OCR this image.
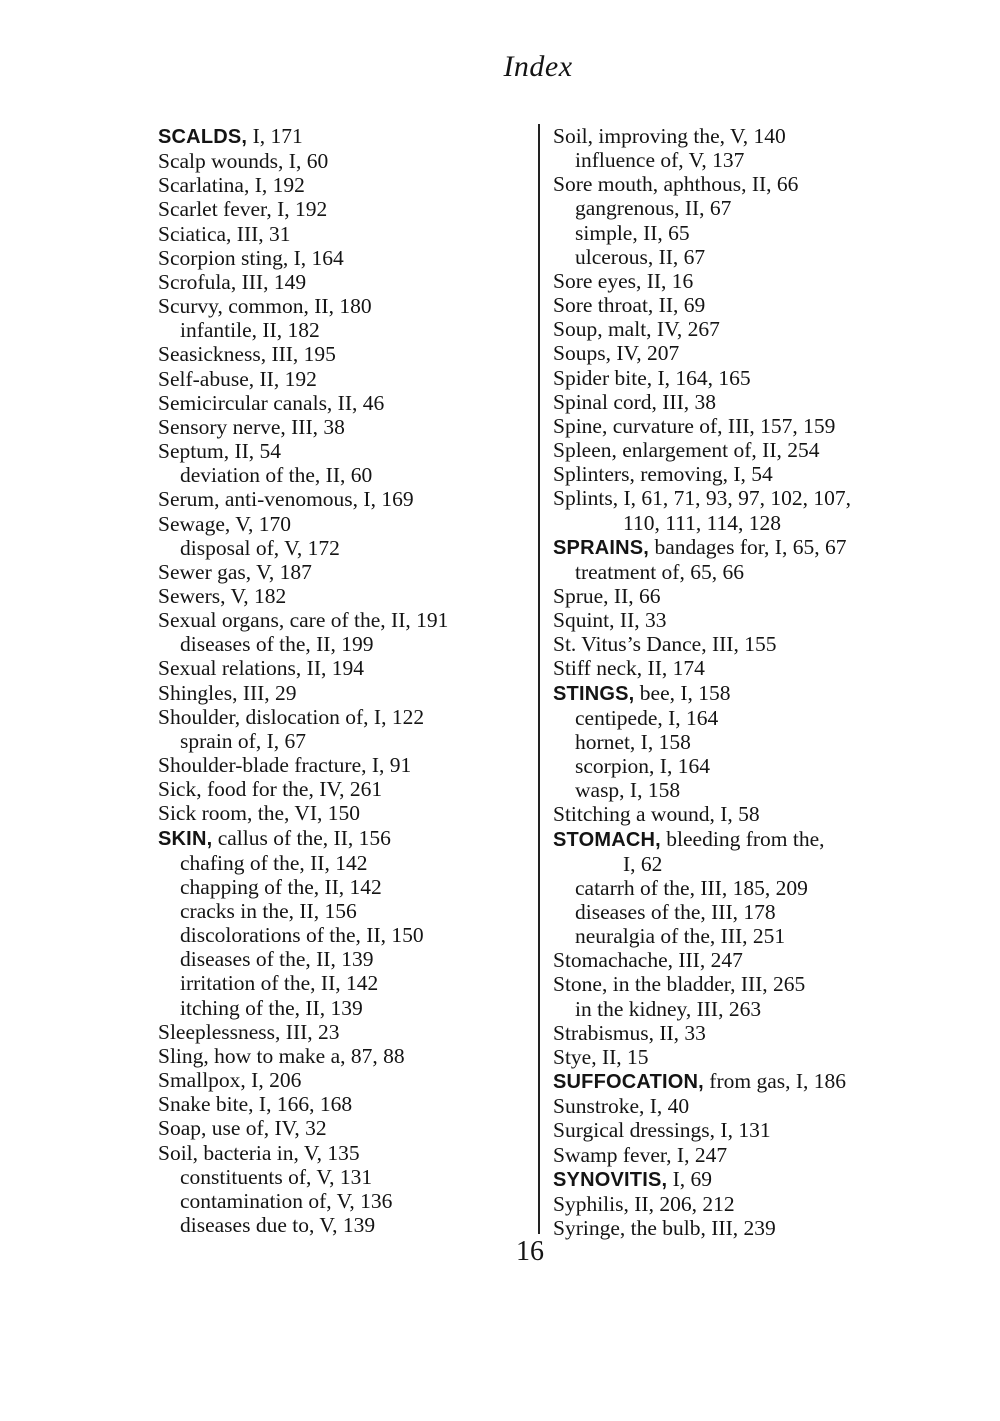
Index
SCALDS, I, 171
Scalp wounds, I, 60
Scarlatina, I, 192
Scarlet fever, I, 192
Sciatica, III, 31
Scorpion sting, I, 164
Scrofula, III, 149
Scurvy, common, II, 180
infantile, II, 182
Seasickness, III, 195
Self-abuse, II, 192
Semicircular canals, II, 46
Sensory nerve, III, 38
Septum, II, 54
deviation of the, II, 60
Serum, anti-venomous, I, 169
Sewage, V, 170
disposal of, V, 172
Sewer gas, V, 187
Sewers, V, 182
Sexual organs, care of the, II, 191
diseases of the, II, 199
Sexual relations, II, 194
Shingles, III, 29
Shoulder, dislocation of, I, 122
sprain of, I, 67
Shoulder-blade fracture, I, 91
Sick, food for the, IV, 261
Sick room, the, VI, 150
SKIN, callus of the, II, 156
chafing of the, II, 142
chapping of the, II, 142
cracks in the, II, 156
discolorations of the, II, 150
diseases of the, II, 139
irritation of the, II, 142
itching of the, II, 139
Sleeplessness, III, 23
Sling, how to make a, 87, 88
Smallpox, I, 206
Snake bite, I, 166, 168
Soap, use of, IV, 32
Soil, bacteria in, V, 135
constituents of, V, 131
contamination of, V, 136
diseases due to, V, 139
Soil, improving the, V, 140
influence of, V, 137
Sore mouth, aphthous, II, 66
gangrenous, II, 67
simple, II, 65
ulcerous, II, 67
Sore eyes, II, 16
Sore throat, II, 69
Soup, malt, IV, 267
Soups, IV, 207
Spider bite, I, 164, 165
Spinal cord, III, 38
Spine, curvature of, III, 157, 159
Spleen, enlargement of, II, 254
Splinters, removing, I, 54
Splints, I, 61, 71, 93, 97, 102, 107,
110, 111, 114, 128
SPRAINS, bandages for, I, 65, 67
treatment of, 65, 66
Sprue, II, 66
Squint, II, 33
St. Vitus’s Dance, III, 155
Stiff neck, II, 174
STINGS, bee, I, 158
centipede, I, 164
hornet, I, 158
scorpion, I, 164
wasp, I, 158
Stitching a wound, I, 58
STOMACH, bleeding from the,
I, 62
catarrh of the, III, 185, 209
diseases of the, III, 178
neuralgia of the, III, 251
Stomachache, III, 247
Stone, in the bladder, III, 265
in the kidney, III, 263
Strabismus, II, 33
Stye, II, 15
SUFFOCATION, from gas, I, 186
Sunstroke, I, 40
Surgical dressings, I, 131
Swamp fever, I, 247
SYNOVITIS, I, 69
Syphilis, II, 206, 212
Syringe, the bulb, III, 239
16
